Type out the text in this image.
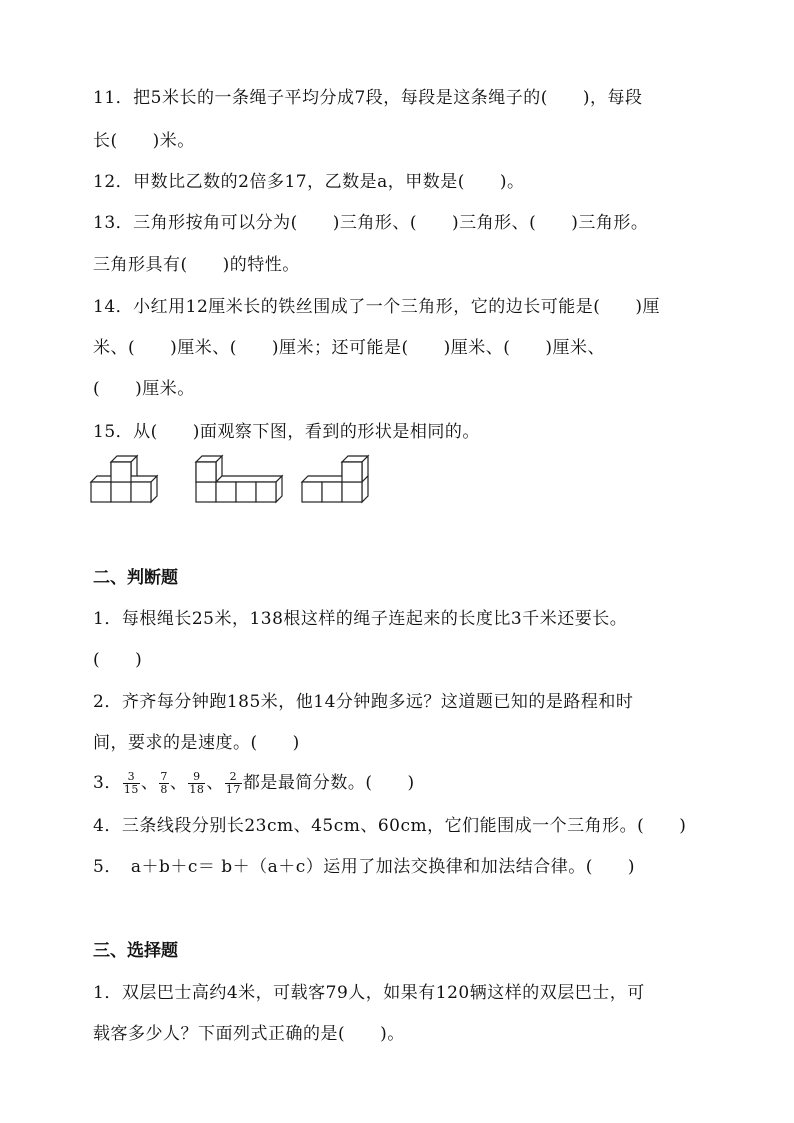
11．把5米长的一条绳子平均分成7段，每段是这条绳子的(　　)，每段
长(　　)米。
12．甲数比乙数的2倍多17，乙数是a，甲数是(　　)。
13．三角形按角可以分为(　　)三角形、(　　)三角形、(　　)三角形。
三角形具有(　　)的特性。
14．小红用12厘米长的铁丝围成了一个三角形，它的边长可能是(　　)厘
米、(　　)厘米、(　　)厘米；还可能是(　　)厘米、(　　)厘米、
(　　)厘米。
15．从(　　)面观察下图，看到的形状是相同的。
二、判断题
1．每根绳长25米，138根这样的绳子连起来的长度比3千米还要长。
(　　)
2．齐齐每分钟跑185米，他14分钟跑多远？这道题已知的是路程和时
间，要求的是速度。(　　)
3． $\frac{3}{15}$ 、 $\frac{7}{8}$ 、 $\frac{9}{18}$ 、 $\frac{2}{17}$ 都是最简分数。(　　)
4．三条线段分别长23cm、45cm、60cm，它们能围成一个三角形。(　　)
5．　a＋b＋c＝ b＋（a＋c）运用了加法交换律和加法结合律。(　　)
三、选择题
1．双层巴士高约4米，可载客79人，如果有120辆这样的双层巴士，可
载客多少人？下面列式正确的是(　　)。
